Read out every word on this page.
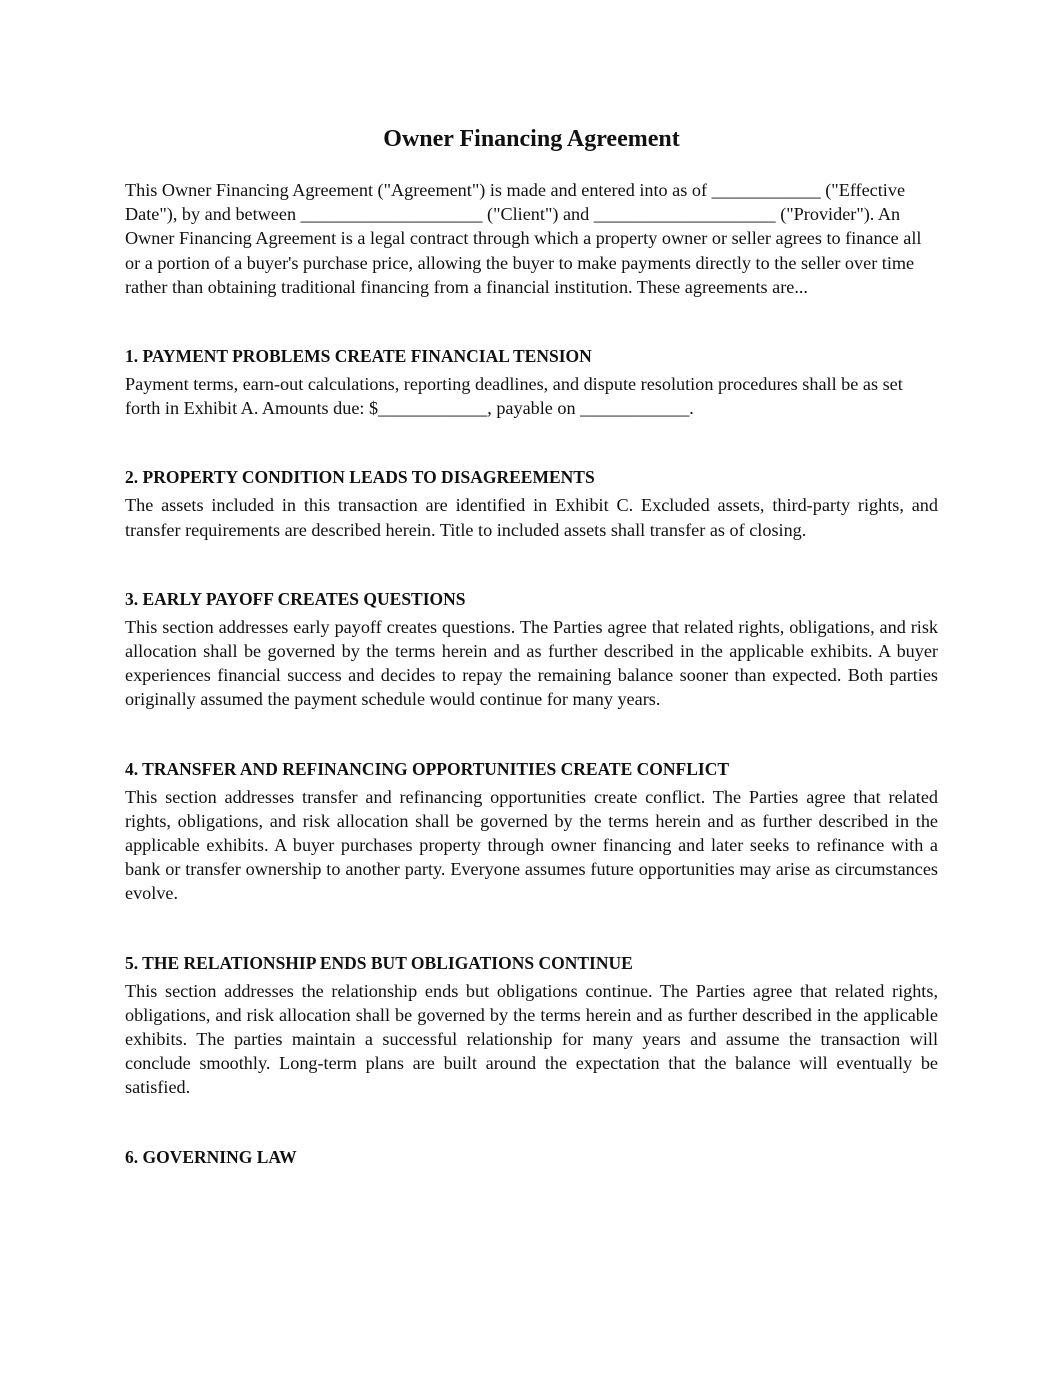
Owner Financing Agreement

This Owner Financing Agreement ("Agreement") is made and entered into as of ____________ ("Effective Date"), by and between ____________________ ("Client") and ____________________ ("Provider"). An Owner Financing Agreement is a legal contract through which a property owner or seller agrees to finance all or a portion of a buyer's purchase price, allowing the buyer to make payments directly to the seller over time rather than obtaining traditional financing from a financial institution. These agreements are...

1. PAYMENT PROBLEMS CREATE FINANCIAL TENSION

Payment terms, earn-out calculations, reporting deadlines, and dispute resolution procedures shall be as set forth in Exhibit A. Amounts due: $____________, payable on ____________.

2. PROPERTY CONDITION LEADS TO DISAGREEMENTS

The assets included in this transaction are identified in Exhibit C. Excluded assets, third-party rights, and transfer requirements are described herein. Title to included assets shall transfer as of closing.

3. EARLY PAYOFF CREATES QUESTIONS

This section addresses early payoff creates questions. The Parties agree that related rights, obligations, and risk allocation shall be governed by the terms herein and as further described in the applicable exhibits. A buyer experiences financial success and decides to repay the remaining balance sooner than expected. Both parties originally assumed the payment schedule would continue for many years.

4. TRANSFER AND REFINANCING OPPORTUNITIES CREATE CONFLICT

This section addresses transfer and refinancing opportunities create conflict. The Parties agree that related rights, obligations, and risk allocation shall be governed by the terms herein and as further described in the applicable exhibits. A buyer purchases property through owner financing and later seeks to refinance with a bank or transfer ownership to another party. Everyone assumes future opportunities may arise as circumstances evolve.

5. THE RELATIONSHIP ENDS BUT OBLIGATIONS CONTINUE

This section addresses the relationship ends but obligations continue. The Parties agree that related rights, obligations, and risk allocation shall be governed by the terms herein and as further described in the applicable exhibits. The parties maintain a successful relationship for many years and assume the transaction will conclude smoothly. Long-term plans are built around the expectation that the balance will eventually be satisfied.

6. GOVERNING LAW
